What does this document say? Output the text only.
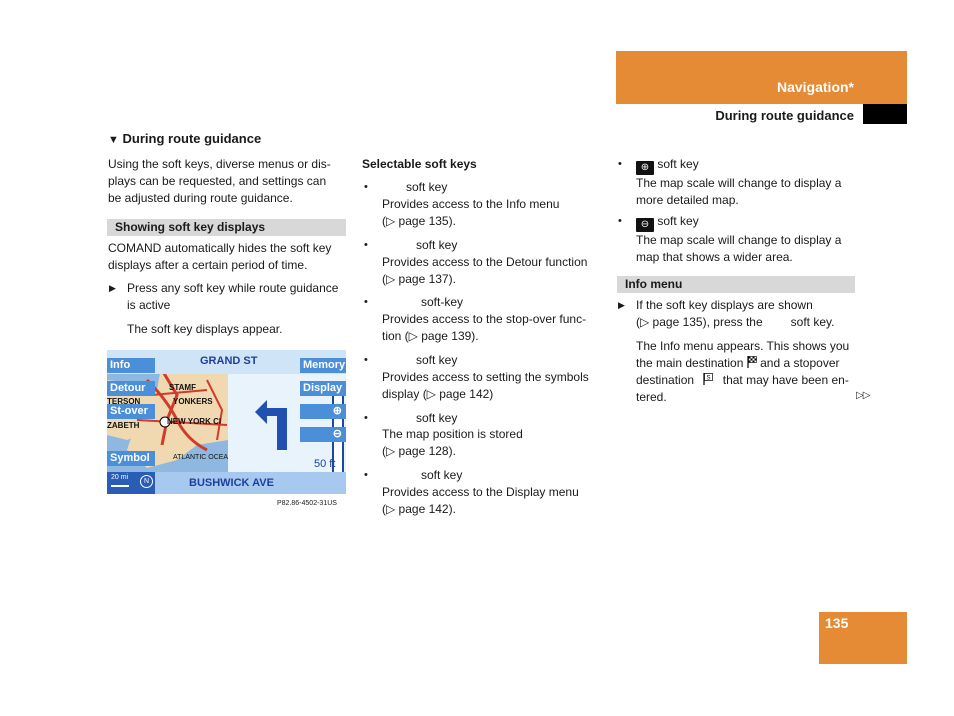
Navigation*
During route guidance
▼ During route guidance
Using the soft keys, diverse menus or dis-
plays can be requested, and settings can
be adjusted during route guidance.
Showing soft key displays
COMAND automatically hides the soft key
displays after a certain period of time.
▶ Press any soft key while route guidance
is active
The soft key displays appear.
GRAND ST
Info
Detour
St-over
Symbol
Memory
Display
⊕
⊖
STAMF
YONKERS
NEW YORK CI
ATLANTIC OCEA
TERSON
ZABETH
50 ft
20 mi
N	BUSHWICK AVE
P82.86-4502-31US
Selectable soft keys
•	soft key
Provides access to the Info menu
(▷ page 135).
•	soft key
Provides access to the Detour function
(▷ page 137).
•	soft-key
Provides access to the stop-over func-
tion (▷ page 139).
•	soft key
Provides access to setting the symbols
display (▷ page 142)
•	soft key
The map position is stored
(▷ page 128).
•	soft key
Provides access to the Display menu
(▷ page 142).
•	⊕ soft key
The map scale will change to display a
more detailed map.
•	⊖ soft key
The map scale will change to display a
map that shows a wider area.
Info menu
▶ If the soft key displays are shown
(▷ page 135), press the soft key.
The Info menu appears. This shows you
the main destination and a stopover
destination S that may have been en-
tered.	▷▷
135
